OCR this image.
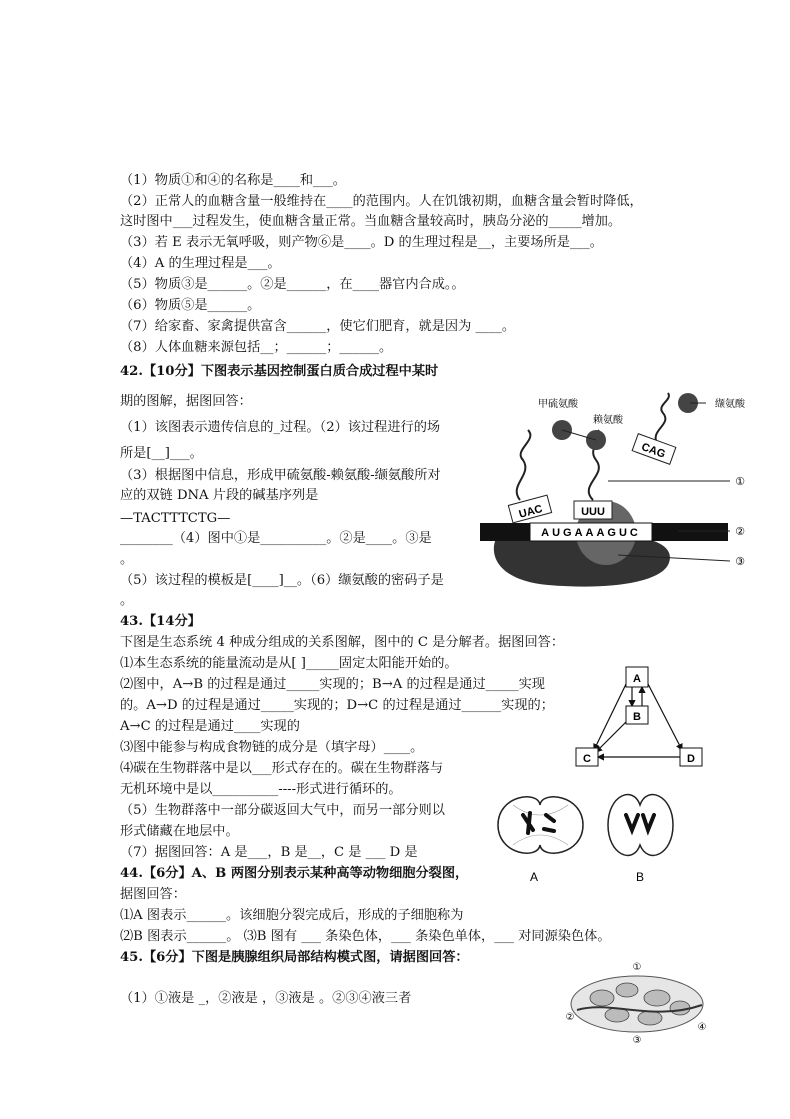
（1）物质①和④的名称是____和___。
（2）正常人的血糖含量一般维持在____的范围内。人在饥饿初期，血糖含量会暂时降低，
这时图中___过程发生，使血糖含量正常。当血糖含量较高时，胰岛分泌的_____增加。
（3）若 E 表示无氧呼吸，则产物⑥是____。D 的生理过程是__，主要场所是___。
（4）A 的生理过程是___。
（5）物质③是______。②是______，在____器官内合成。。
（6）物质⑤是______。
（7）给家畜、家禽提供富含______，使它们肥育，就是因为 ____。
（8）人体血糖来源包括__；______；______。
42.【10分】下图表示基因控制蛋白质合成过程中某时
期的图解，据图回答：
（1）该图表示遗传信息的_过程。（2）该过程进行的场
所是[__]___。
（3）根据图中信息，形成甲硫氨酸-赖氨酸-缬氨酸所对
应的双链 DNA 片段的碱基序列是
—TACTTTCTG—
________（4）图中①是__________。②是____。③是
。
（5）该过程的模板是[____]__。（6）缬氨酸的密码子是
。
43.【14分】
下图是生态系统 4 种成分组成的关系图解，图中的 C 是分解者。据图回答：
⑴本生态系统的能量流动是从[ ]_____固定太阳能开始的。
⑵图中，A→B 的过程是通过_____实现的；B→A 的过程是通过_____实现
的。A→D 的过程是通过_____实现的；D→C 的过程是通过______实现的；
A→C 的过程是通过____实现的
⑶图中能参与构成食物链的成分是（填字母）____。
⑷碳在生物群落中是以___形式存在的。碳在生物群落与
无机环境中是以__________----形式进行循环的。
（5）生物群落中一部分碳返回大气中，而另一部分则以
形式储藏在地层中。
（7）据图回答：A 是___，B 是__，C 是 ___ D 是
44.【6分】A、B 两图分别表示某种高等动物细胞分裂图，
据图回答：
⑴A 图表示______。该细胞分裂完成后，形成的子细胞称为
⑵B 图表示______。 ⑶B 图有 ___ 条染色体，___ 条染色单体，___ 对同源染色体。
45.【6分】下图是胰腺组织局部结构模式图，请据图回答：
（1）①液是 _，②液是 ，③液是 。②③④液三者
AUGAAAGUC
UAC	UUU
CAG
甲硫氨酸
赖氨酸
缬氨酸
①
②
③
A
B
C	D
A	B
①
②
③
④
